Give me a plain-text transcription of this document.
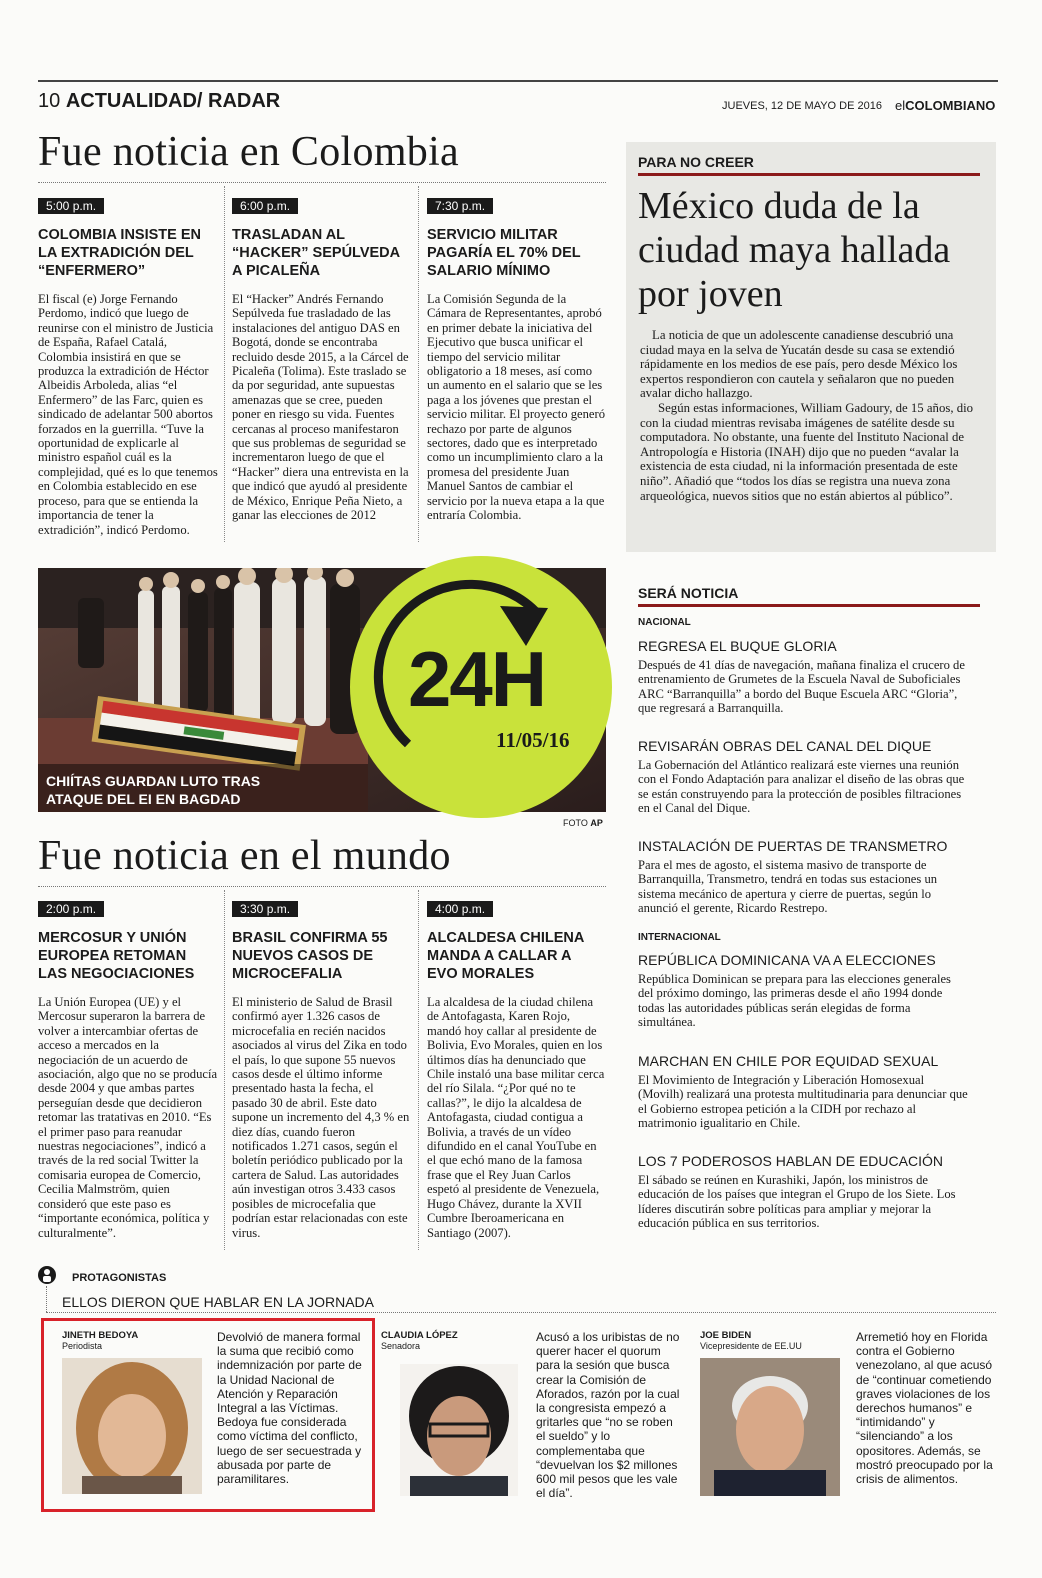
10 ACTUALIDAD/ RADAR	JUEVES, 12 DE MAYO DE 2016 elCOLOMBIANO
Fue noticia en Colombia
5:00 p.m.
COLOMBIA INSISTE EN LA EXTRADICIÓN DEL “ENFERMERO”

El fiscal (e) Jorge Fernando Perdomo, indicó que luego de reunirse con el ministro de Justicia de España, Rafael Catalá, Colombia insistirá en que se produzca la extradición de Héctor Albeidis Arboleda, alias “el Enfermero” de las Farc, quien es sindicado de adelantar 500 abortos forzados en la guerrilla. “Tuve la oportunidad de explicarle al ministro español cuál es la complejidad, qué es lo que tenemos en Colombia establecido en ese proceso, para que se entienda la importancia de tener la extradición”, indicó Perdomo.

6:00 p.m.
TRASLADAN AL “HACKER” SEPÚLVEDA A PICALEÑA

El “Hacker” Andrés Fernando Sepúlveda fue trasladado de las instalaciones del antiguo DAS en Bogotá, donde se encontraba recluido desde 2015, a la Cárcel de Picaleña (Tolima). Este traslado se da por seguridad, ante supuestas amenazas que se cree, pueden poner en riesgo su vida. Fuentes cercanas al proceso manifestaron que sus problemas de seguridad se incrementaron luego de que el “Hacker” diera una entrevista en la que indicó que ayudó al presidente de México, Enrique Peña Nieto, a ganar las elecciones de 2012

7:30 p.m.
SERVICIO MILITAR PAGARÍA EL 70% DEL SALARIO MÍNIMO

La Comisión Segunda de la Cámara de Representantes, aprobó en primer debate la iniciativa del Ejecutivo que busca unificar el tiempo del servicio militar obligatorio a 18 meses, así como un aumento en el salario que se les paga a los jóvenes que prestan el servicio militar. El proyecto generó rechazo por parte de algunos sectores, dado que es interpretado como un incumplimiento claro a la promesa del presidente Juan Manuel Santos de cambiar el servicio por la nueva etapa a la que entraría Colombia.

PARA NO CREER
México duda de la ciudad maya hallada por joven
La noticia de que un adolescente canadiense descubrió una ciudad maya en la selva de Yucatán desde su casa se extendió rápidamente en los medios de ese país, pero desde México los expertos respondieron con cautela y señalaron que no pueden avalar dicho hallazgo.
Según estas informaciones, William Gadoury, de 15 años, dio con la ciudad mientras revisaba imágenes de satélite desde su computadora. No obstante, una fuente del Instituto Nacional de Antropología e Historia (INAH) dijo que no pueden “avalar la existencia de esta ciudad, ni la información presentada de este niño”. Añadió que “todos los días se registra una nueva zona arqueológica, nuevos sitios que no están abiertos al público”.
24H
11/05/16
CHIÍTAS GUARDAN LUTO TRAS
ATAQUE DEL EI EN BAGDAD
FOTO AP
SERÁ NOTICIA
NACIONAL
REGRESA EL BUQUE GLORIA
Después de 41 días de navegación, mañana finaliza el crucero de entrenamiento de Grumetes de la Escuela Naval de Suboficiales ARC “Barranquilla” a bordo del Buque Escuela ARC “Gloria”, que regresará a Barranquilla.
REVISARÁN OBRAS DEL CANAL DEL DIQUE
La Gobernación del Atlántico realizará este viernes una reunión con el Fondo Adaptación para analizar el diseño de las obras que se están construyendo para la protección de posibles filtraciones en el Canal del Dique.
INSTALACIÓN DE PUERTAS DE TRANSMETRO
Para el mes de agosto, el sistema masivo de transporte de Barranquilla, Transmetro, tendrá en todas sus estaciones un sistema mecánico de apertura y cierre de puertas, según lo anunció el gerente, Ricardo Restrepo.
INTERNACIONAL
REPÚBLICA DOMINICANA VA A ELECCIONES
República Dominican se prepara para las elecciones generales del próximo domingo, las primeras desde el año 1994 donde todas las autoridades públicas serán elegidas de forma simultánea.
MARCHAN EN CHILE POR EQUIDAD SEXUAL
El Movimiento de Integración y Liberación Homosexual (Movilh) realizará una protesta multitudinaria para denunciar que el Gobierno estropea petición a la CIDH por rechazo al matrimonio igualitario en Chile.
LOS 7 PODEROSOS HABLAN DE EDUCACIÓN
El sábado se reúnen en Kurashiki, Japón, los ministros de educación de los países que integran el Grupo de los Siete. Los líderes discutirán sobre políticas para ampliar y mejorar la educación pública en sus territorios.
Fue noticia en el mundo
2:00 p.m.
MERCOSUR Y UNIÓN EUROPEA RETOMAN LAS NEGOCIACIONES

La Unión Europea (UE) y el Mercosur superaron la barrera de volver a intercambiar ofertas de acceso a mercados en la negociación de un acuerdo de asociación, algo que no se producía desde 2004 y que ambas partes perseguían desde que decidieron retomar las tratativas en 2010. “Es el primer paso para reanudar nuestras negociaciones”, indicó a través de la red social Twitter la comisaria europea de Comercio, Cecilia Malmström, quien consideró que este paso es “importante económica, política y culturalmente”.

3:30 p.m.
BRASIL CONFIRMA 55 NUEVOS CASOS DE MICROCEFALIA

El ministerio de Salud de Brasil confirmó ayer 1.326 casos de microcefalia en recién nacidos asociados al virus del Zika en todo el país, lo que supone 55 nuevos casos desde el último informe presentado hasta la fecha, el pasado 30 de abril. Este dato supone un incremento del 4,3 % en diez días, cuando fueron notificados 1.271 casos, según el boletín periódico publicado por la cartera de Salud. Las autoridades aún investigan otros 3.433 casos posibles de microcefalia que podrían estar relacionadas con este virus.

4:00 p.m.
ALCALDESA CHILENA MANDA A CALLAR A EVO MORALES

La alcaldesa de la ciudad chilena de Antofagasta, Karen Rojo, mandó hoy callar al presidente de Bolivia, Evo Morales, quien en los últimos días ha denunciado que Chile instaló una base militar cerca del río Silala. “¿Por qué no te callas?”, le dijo la alcaldesa de Antofagasta, ciudad contigua a Bolivia, a través de un vídeo difundido en el canal YouTube en el que echó mano de la famosa frase que el Rey Juan Carlos espetó al presidente de Venezuela, Hugo Chávez, durante la XVII Cumbre Iberoamericana en Santiago (2007).

PROTAGONISTAS
ELLOS DIERON QUE HABLAR EN LA JORNADA
JINETH BEDOYA
Periodista
Devolvió de manera formal la suma que recibió como indemnización por parte de la Unidad Nacional de Atención y Reparación Integral a las Víctimas. Bedoya fue considerada como víctima del conflicto, luego de ser secuestrada y abusada por parte de paramilitares.
CLAUDIA LÓPEZ
Senadora
Acusó a los uribistas de no querer hacer el quorum para la sesión que busca crear la Comisión de Aforados, razón por la cual la congresista empezó a gritarles que “no se roben el sueldo” y lo complementaba que “devuelvan los $2 millones 600 mil pesos que les vale el día”.
JOE BIDEN
Vicepresidente de EE.UU
Arremetió hoy en Florida contra el Gobierno venezolano, al que acusó de “continuar cometiendo graves violaciones de los derechos humanos” e “intimidando” y “silenciando” a los opositores. Además, se mostró preocupado por la crisis de alimentos.
